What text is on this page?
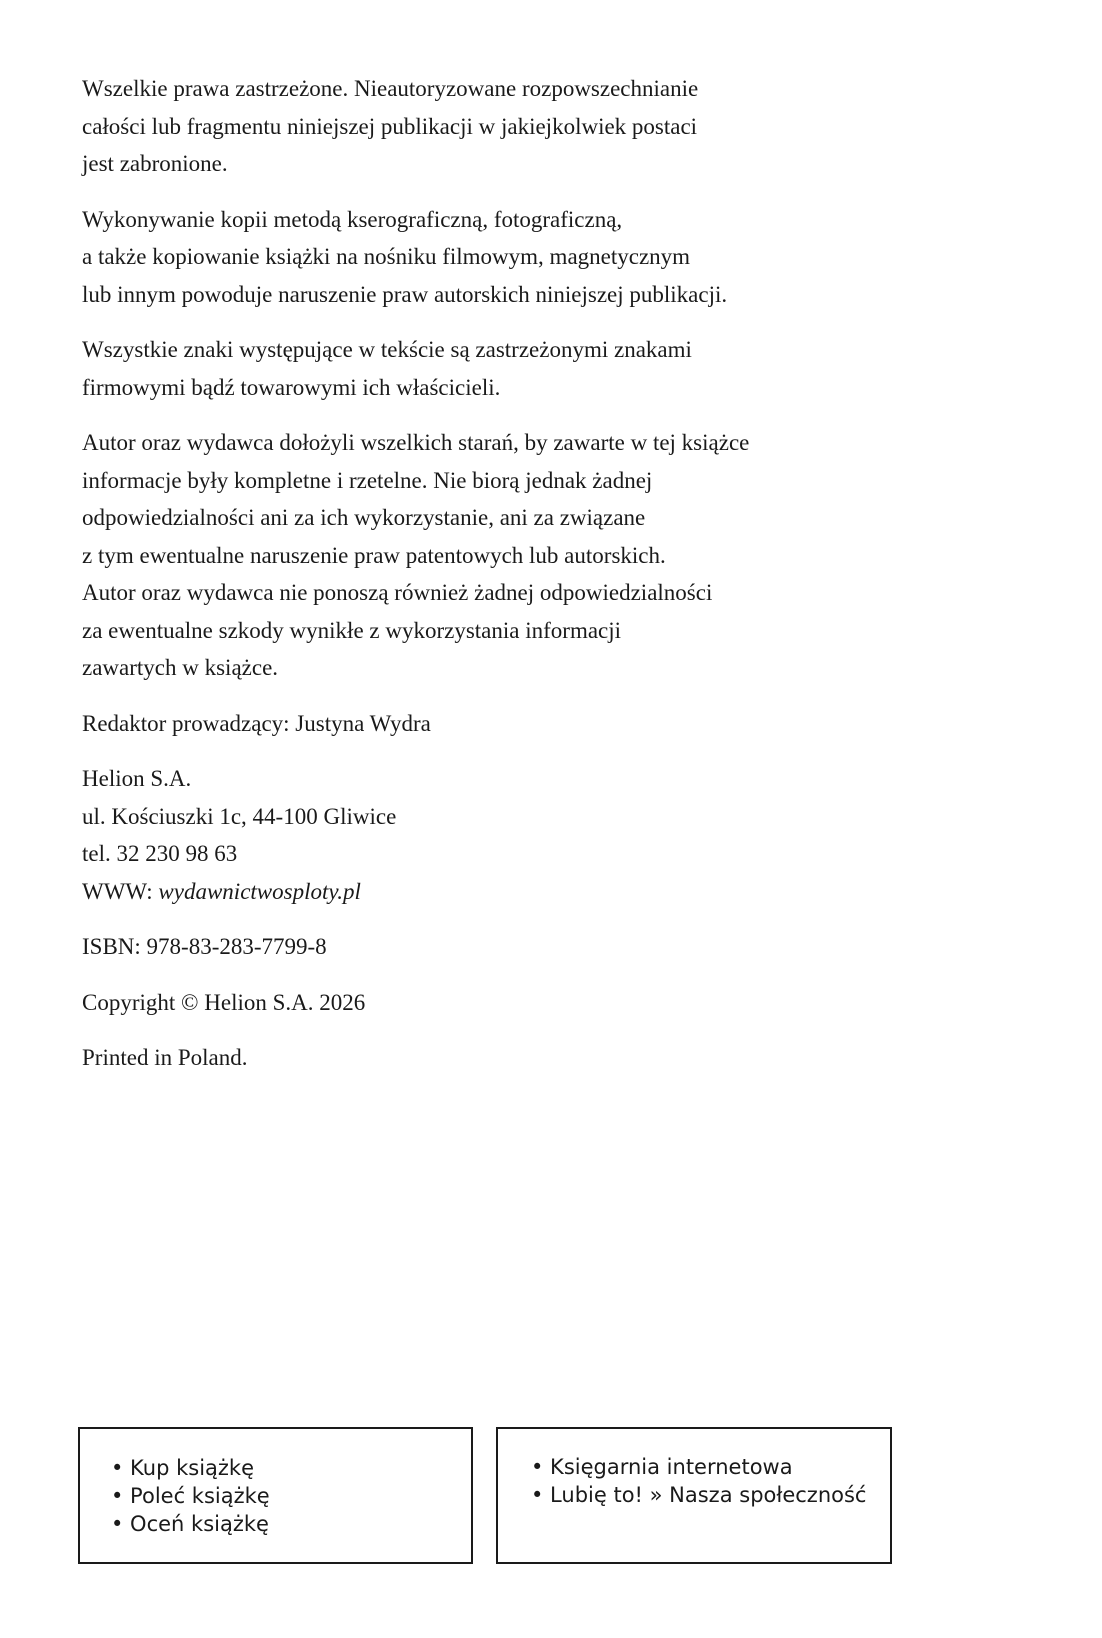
Wszelkie prawa zastrzeżone. Nieautoryzowane rozpowszechnianie
całości lub fragmentu niniejszej publikacji w jakiejkolwiek postaci
jest zabronione.
Wykonywanie kopii metodą kserograficzną, fotograficzną,
a także kopiowanie książki na nośniku filmowym, magnetycznym
lub innym powoduje naruszenie praw autorskich niniejszej publikacji.
Wszystkie znaki występujące w tekście są zastrzeżonymi znakami
firmowymi bądź towarowymi ich właścicieli.
Autor oraz wydawca dołożyli wszelkich starań, by zawarte w tej książce
informacje były kompletne i rzetelne. Nie biorą jednak żadnej
odpowiedzialności ani za ich wykorzystanie, ani za związane
z tym ewentualne naruszenie praw patentowych lub autorskich.
Autor oraz wydawca nie ponoszą również żadnej odpowiedzialności
za ewentualne szkody wynikłe z wykorzystania informacji
zawartych w książce.
Redaktor prowadzący: Justyna Wydra
Helion S.A.
ul. Kościuszki 1c, 44-100 Gliwice
tel. 32 230 98 63
WWW: wydawnictwosploty.pl
ISBN: 978-83-283-7799-8
Copyright © Helion S.A. 2026
Printed in Poland.
• Kup książkę
• Poleć książkę
• Oceń książkę
• Księgarnia internetowa
• Lubię to! » Nasza społeczność
